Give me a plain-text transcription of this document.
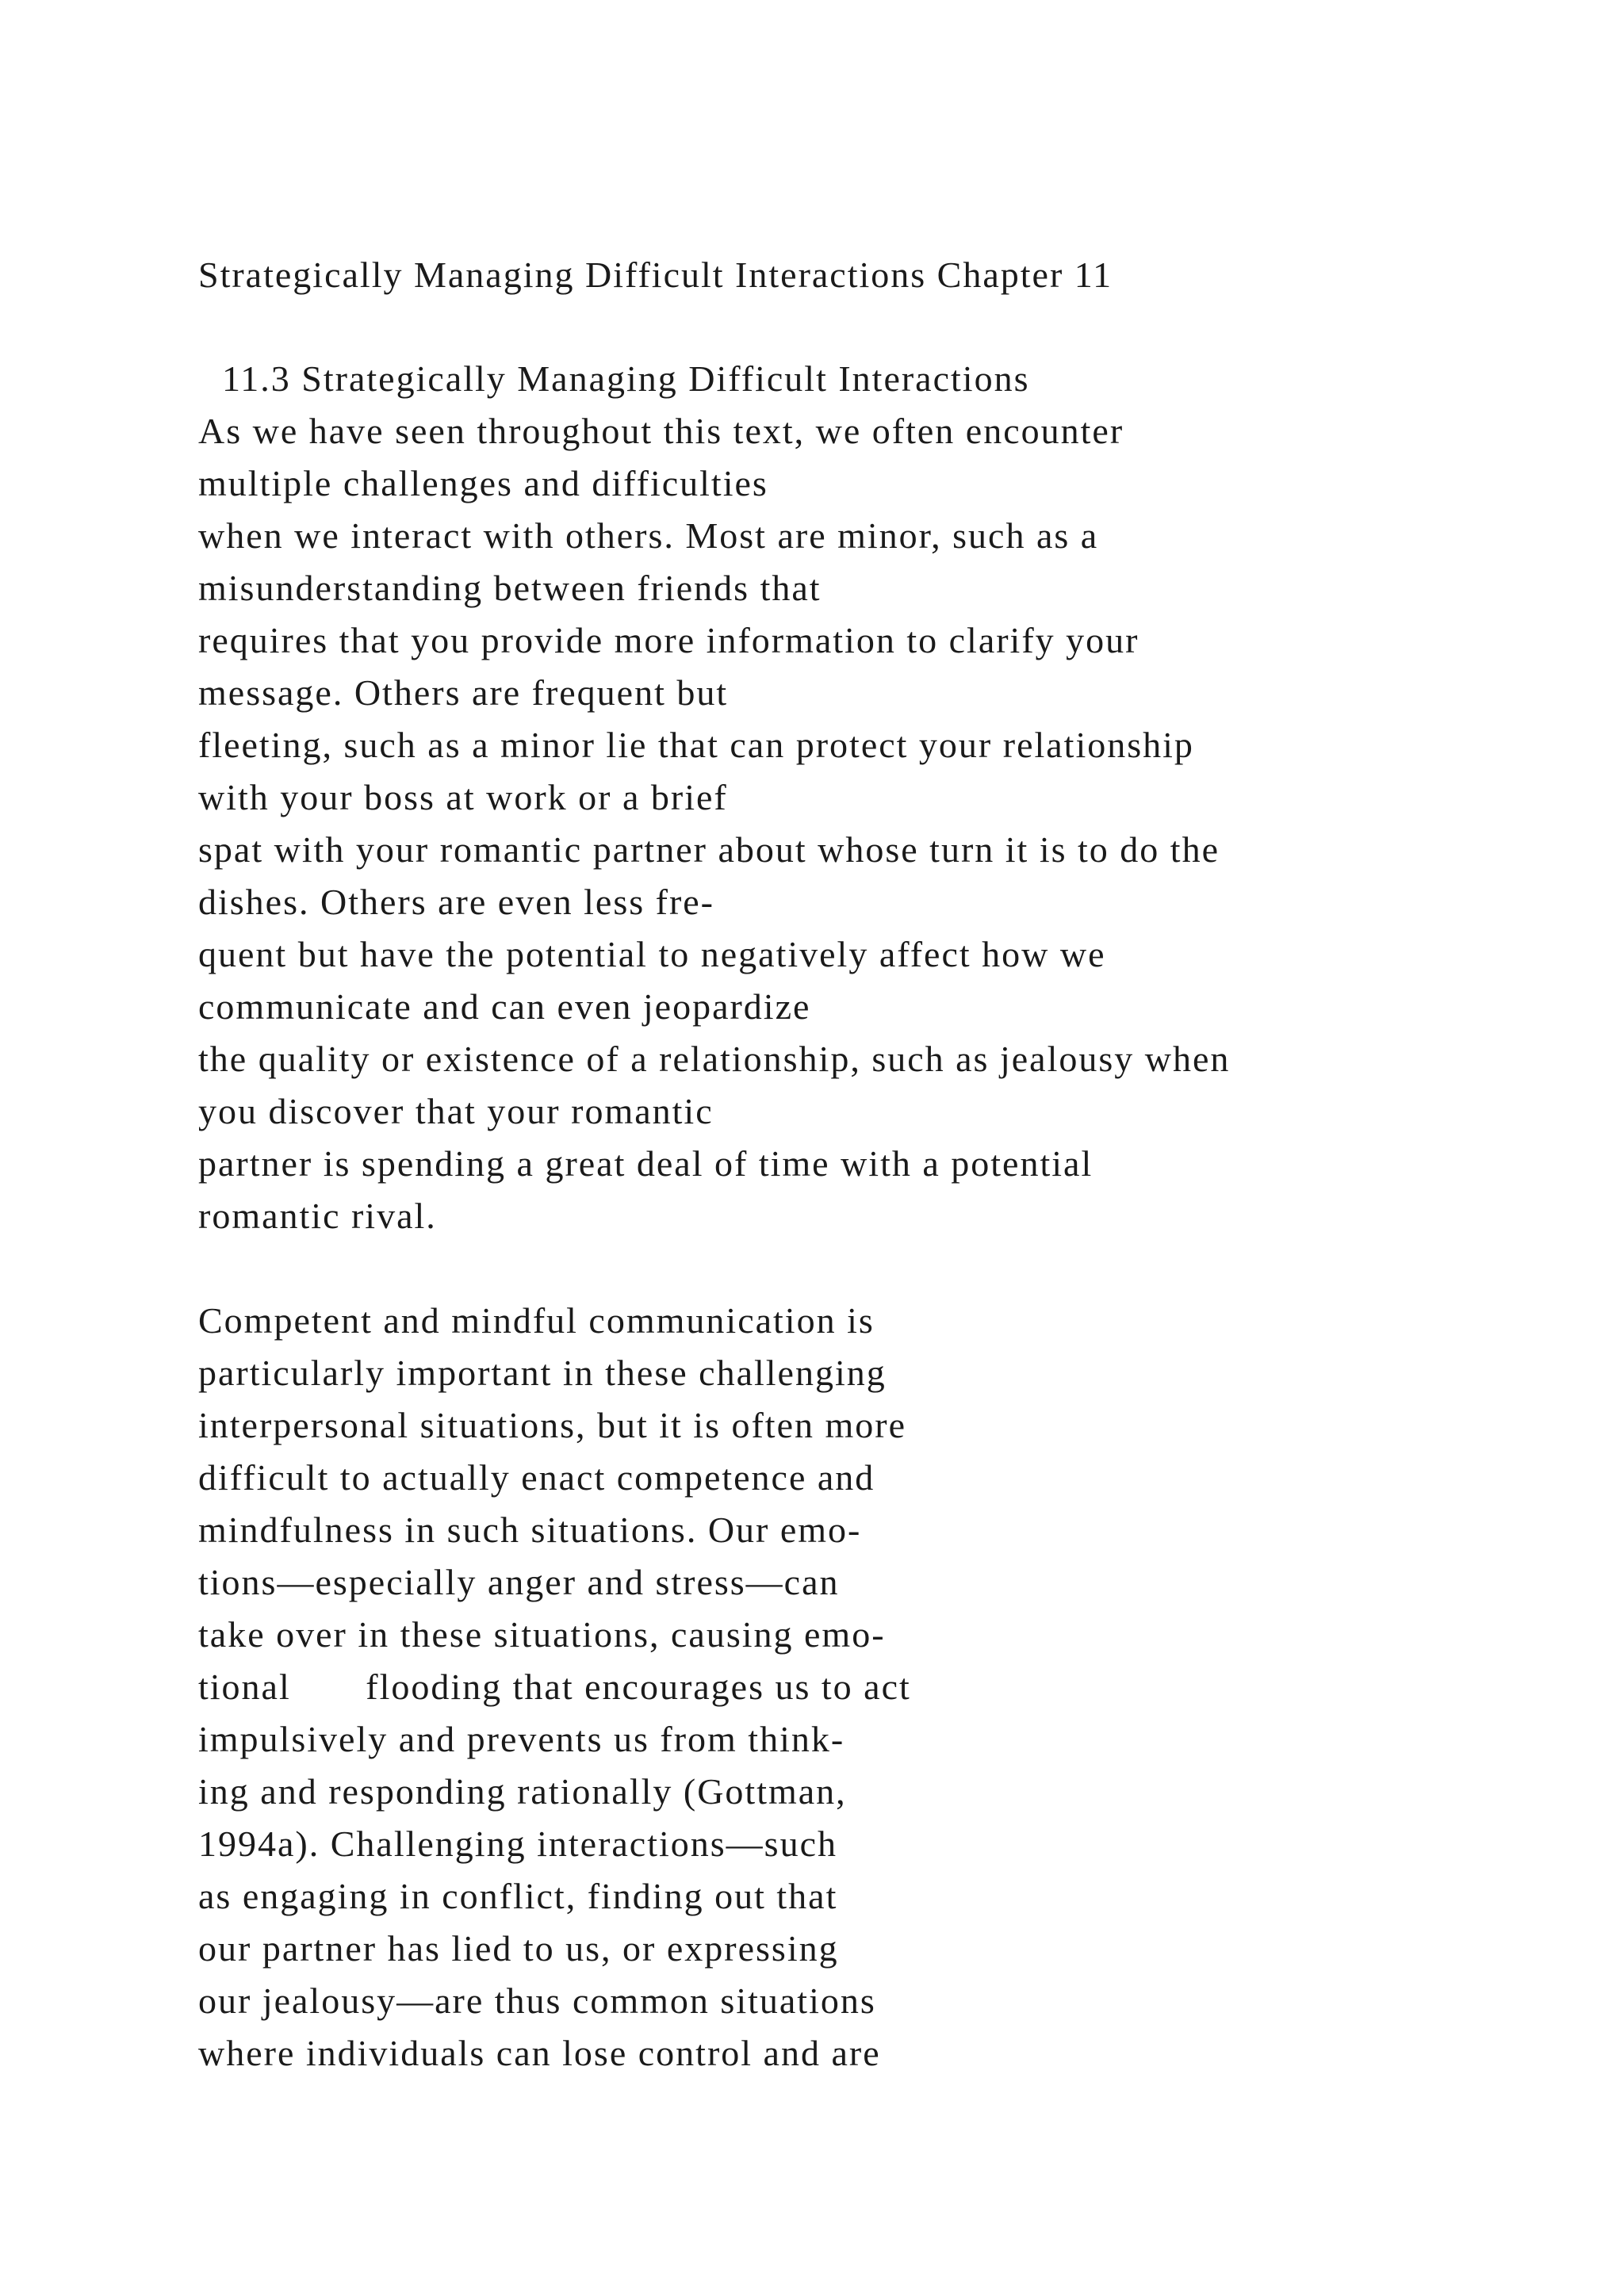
Strategically Managing Difficult Interactions Chapter 11

11.3 Strategically Managing Difficult Interactions

As we have seen throughout this text, we often encounter

multiple challenges and difficulties

when we interact with others. Most are minor, such as a

misunderstanding between friends that

requires that you provide more information to clarify your

message. Others are frequent but

fleeting, such as a minor lie that can protect your relationship

with your boss at work or a brief

spat with your romantic partner about whose turn it is to do the

dishes. Others are even less fre-

quent but have the potential to negatively affect how we

communicate and can even jeopardize

the quality or existence of a relationship, such as jealousy when

you discover that your romantic

partner is spending a great deal of time with a potential

romantic rival.

Competent and mindful communication is

particularly important in these challenging

interpersonal situations, but it is often more

difficult to actually enact competence and

mindfulness in such situations. Our emo-

tions—especially anger and stress—can

take over in these situations, causing emo-

tional       flooding that encourages us to act

impulsively and prevents us from think-

ing and responding rationally (Gottman,

1994a). Challenging interactions—such

as engaging in conflict, finding out that

our partner has lied to us, or expressing

our jealousy—are thus common situations

where individuals can lose control and are
